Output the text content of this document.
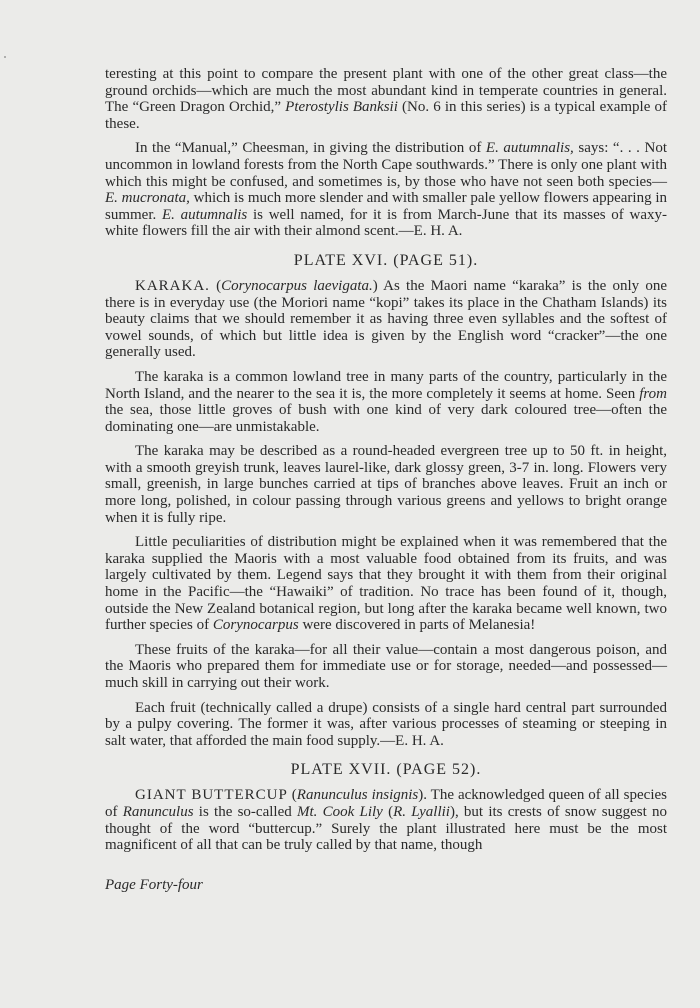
teresting at this point to compare the present plant with one of the other great class—the ground orchids—which are much the most abundant kind in temperate countries in general. The “Green Dragon Orchid,” Pterostylis Banksii (No. 6 in this series) is a typical example of these.

In the “Manual,” Cheesman, in giving the distribution of E. autumnalis, says: “. . . Not uncommon in lowland forests from the North Cape southwards.” There is only one plant with which this might be confused, and sometimes is, by those who have not seen both species—E. mucronata, which is much more slender and with smaller pale yellow flowers appearing in summer. E. autumnalis is well named, for it is from March-June that its masses of waxy-white flowers fill the air with their almond scent.—E. H. A.

PLATE XVI. (PAGE 51).

KARAKA. (Corynocarpus laevigata.) As the Maori name “karaka” is the only one there is in everyday use (the Moriori name “kopi” takes its place in the Chatham Islands) its beauty claims that we should remember it as having three even syllables and the softest of vowel sounds, of which but little idea is given by the English word “cracker”—the one generally used.

The karaka is a common lowland tree in many parts of the country, particularly in the North Island, and the nearer to the sea it is, the more completely it seems at home. Seen from the sea, those little groves of bush with one kind of very dark coloured tree—often the dominating one—are unmistakable.

The karaka may be described as a round-headed evergreen tree up to 50 ft. in height, with a smooth greyish trunk, leaves laurel-like, dark glossy green, 3-7 in. long. Flowers very small, greenish, in large bunches carried at tips of branches above leaves. Fruit an inch or more long, polished, in colour passing through various greens and yellows to bright orange when it is fully ripe.

Little peculiarities of distribution might be explained when it was remembered that the karaka supplied the Maoris with a most valuable food obtained from its fruits, and was largely cultivated by them. Legend says that they brought it with them from their original home in the Pacific—the “Hawaiki” of tradition. No trace has been found of it, though, outside the New Zealand botanical region, but long after the karaka became well known, two further species of Corynocarpus were discovered in parts of Melanesia!

These fruits of the karaka—for all their value—contain a most dangerous poison, and the Maoris who prepared them for immediate use or for storage, needed—and possessed—much skill in carrying out their work.

Each fruit (technically called a drupe) consists of a single hard central part surrounded by a pulpy covering. The former it was, after various processes of steaming or steeping in salt water, that afforded the main food supply.—E. H. A.

PLATE XVII. (PAGE 52).

GIANT BUTTERCUP (Ranunculus insignis). The acknowledged queen of all species of Ranunculus is the so-called Mt. Cook Lily (R. Lyallii), but its crests of snow suggest no thought of the word “buttercup.” Surely the plant illustrated here must be the most magnificent of all that can be truly called by that name, though

Page Forty-four
